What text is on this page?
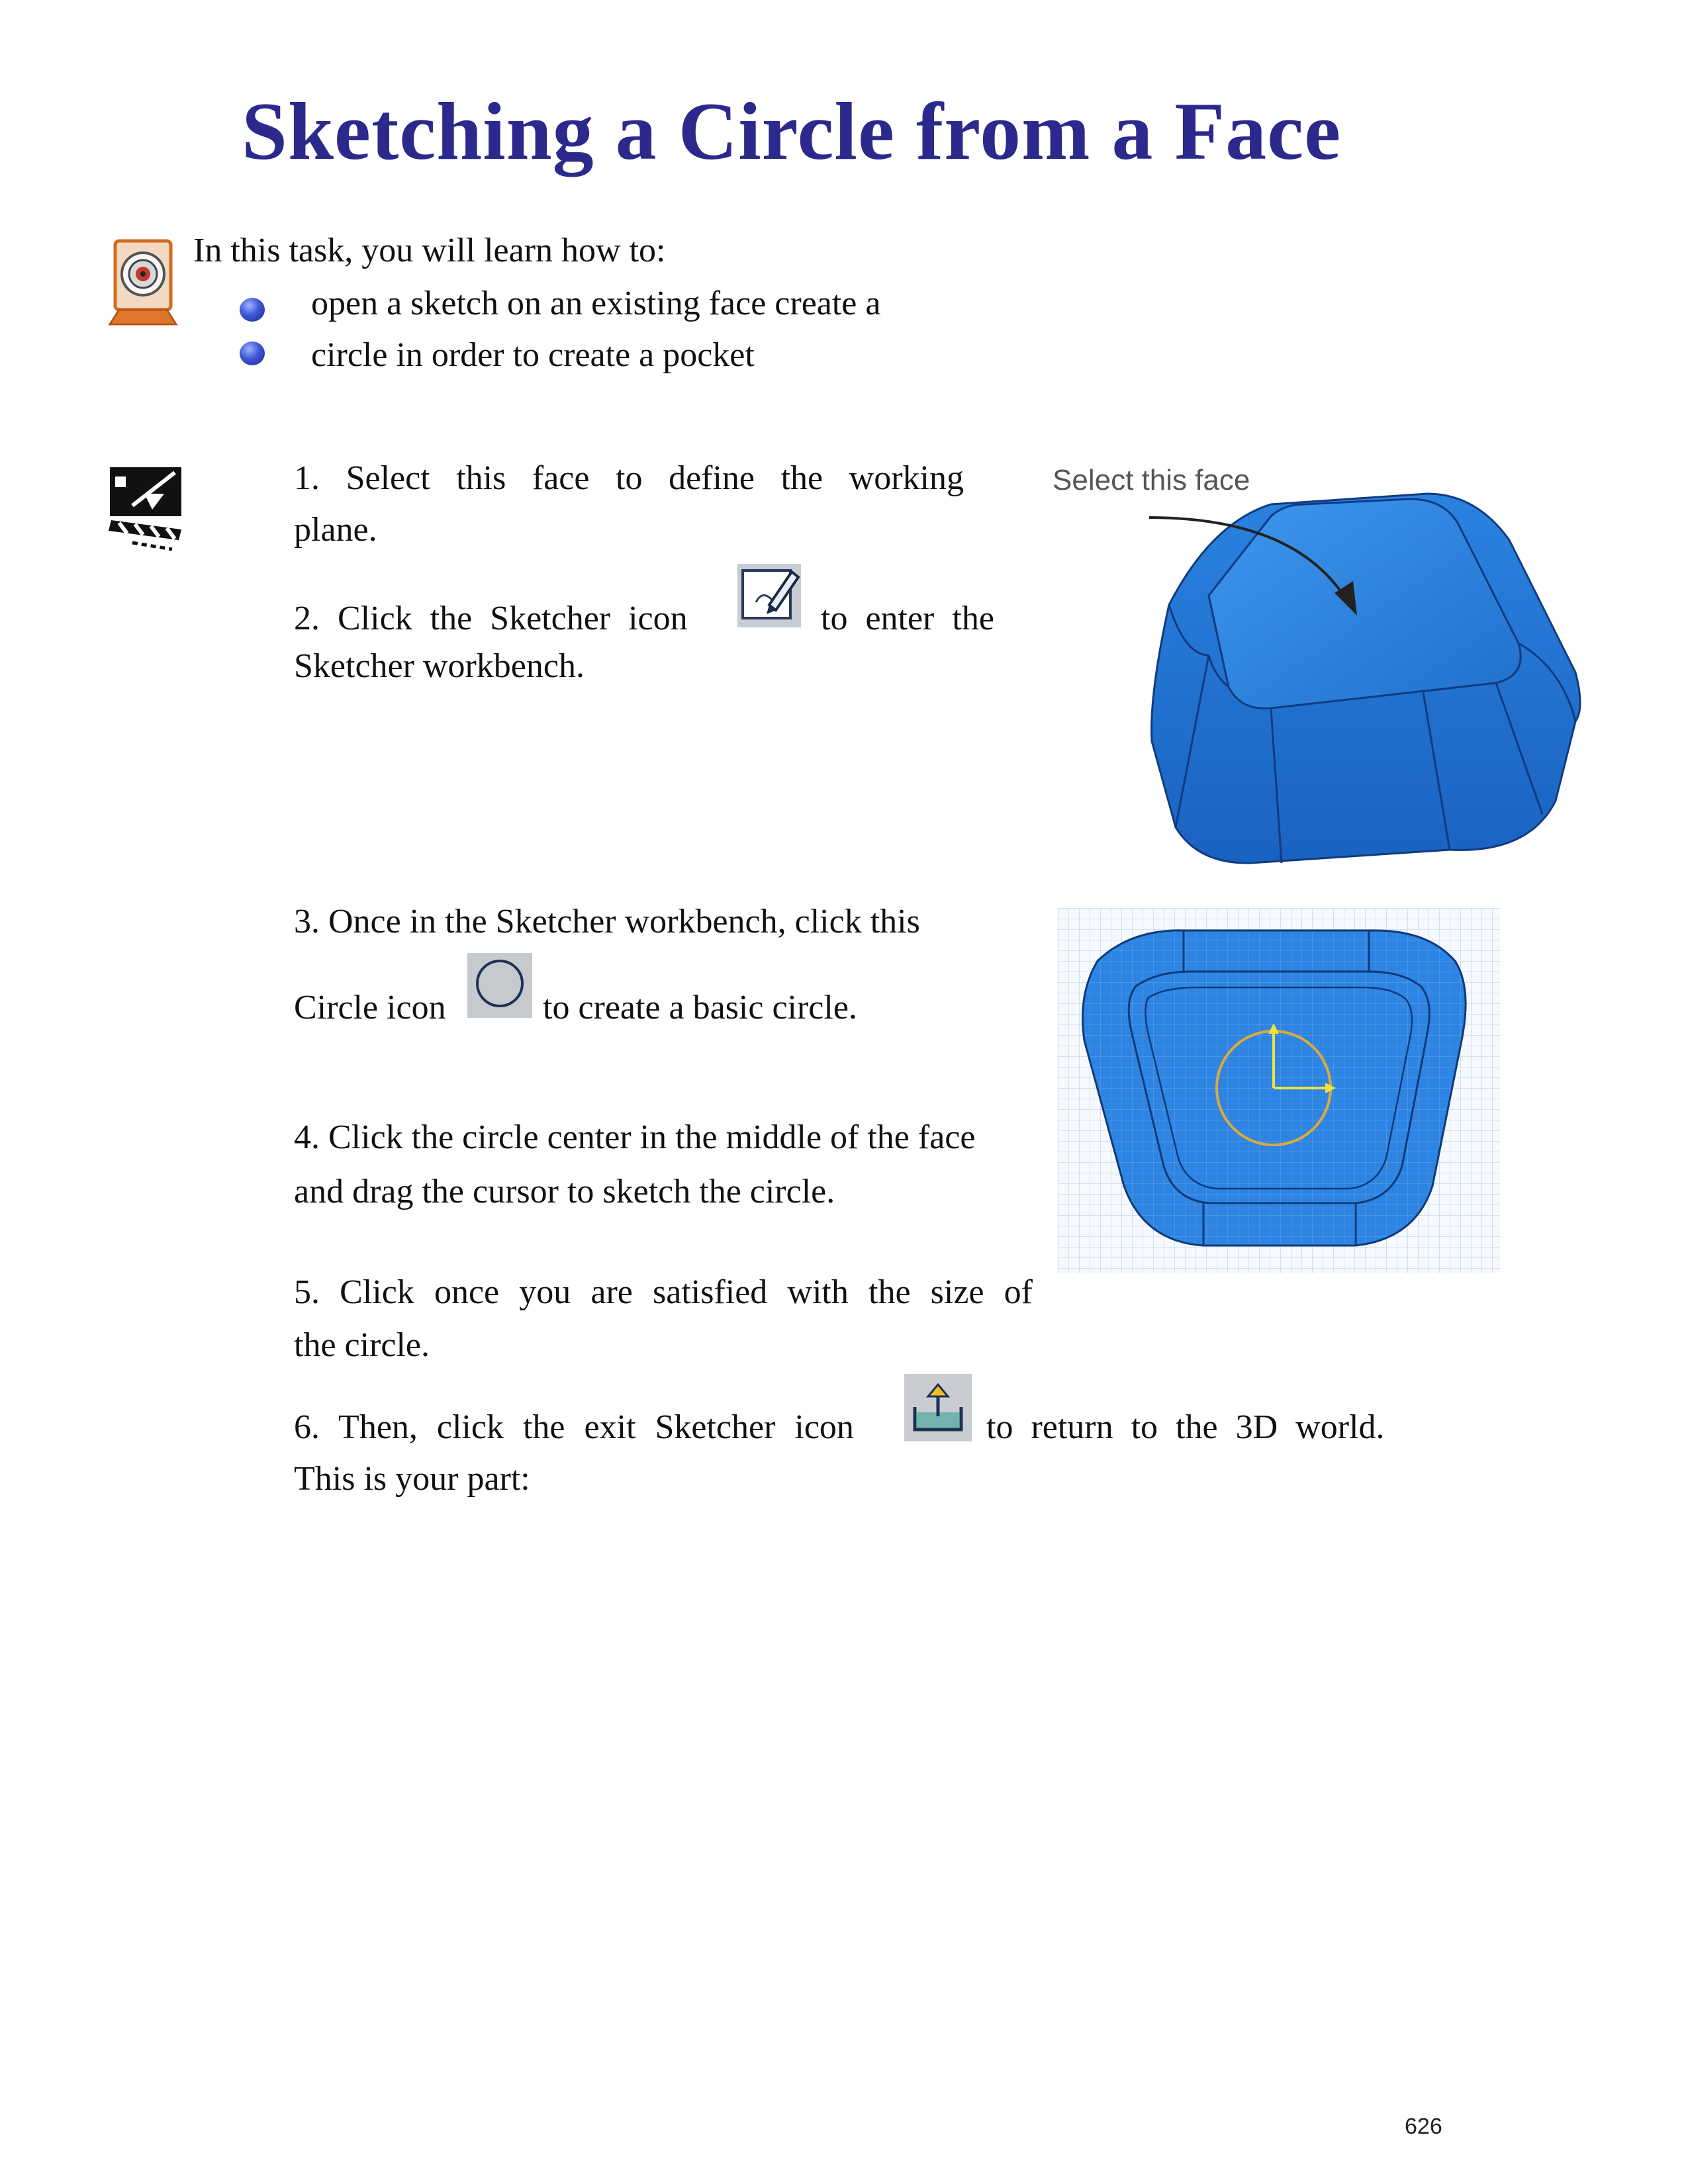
Sketching a Circle from a Face
In this task, you will learn how to:
open a sketch on an existing face create a
circle in order to create a pocket
1. Select this face to define the working
plane.
2. Click the Sketcher icon	to enter the
Sketcher workbench.
Select this face
3. Once in the Sketcher workbench, click this
Circle icon	to create a basic circle.
4. Click the circle center in the middle of the face
and drag the cursor to sketch the circle.
5. Click once you are satisfied with the size of
the circle.
6. Then, click the exit Sketcher icon	to return to the 3D world.
This is your part:
626
